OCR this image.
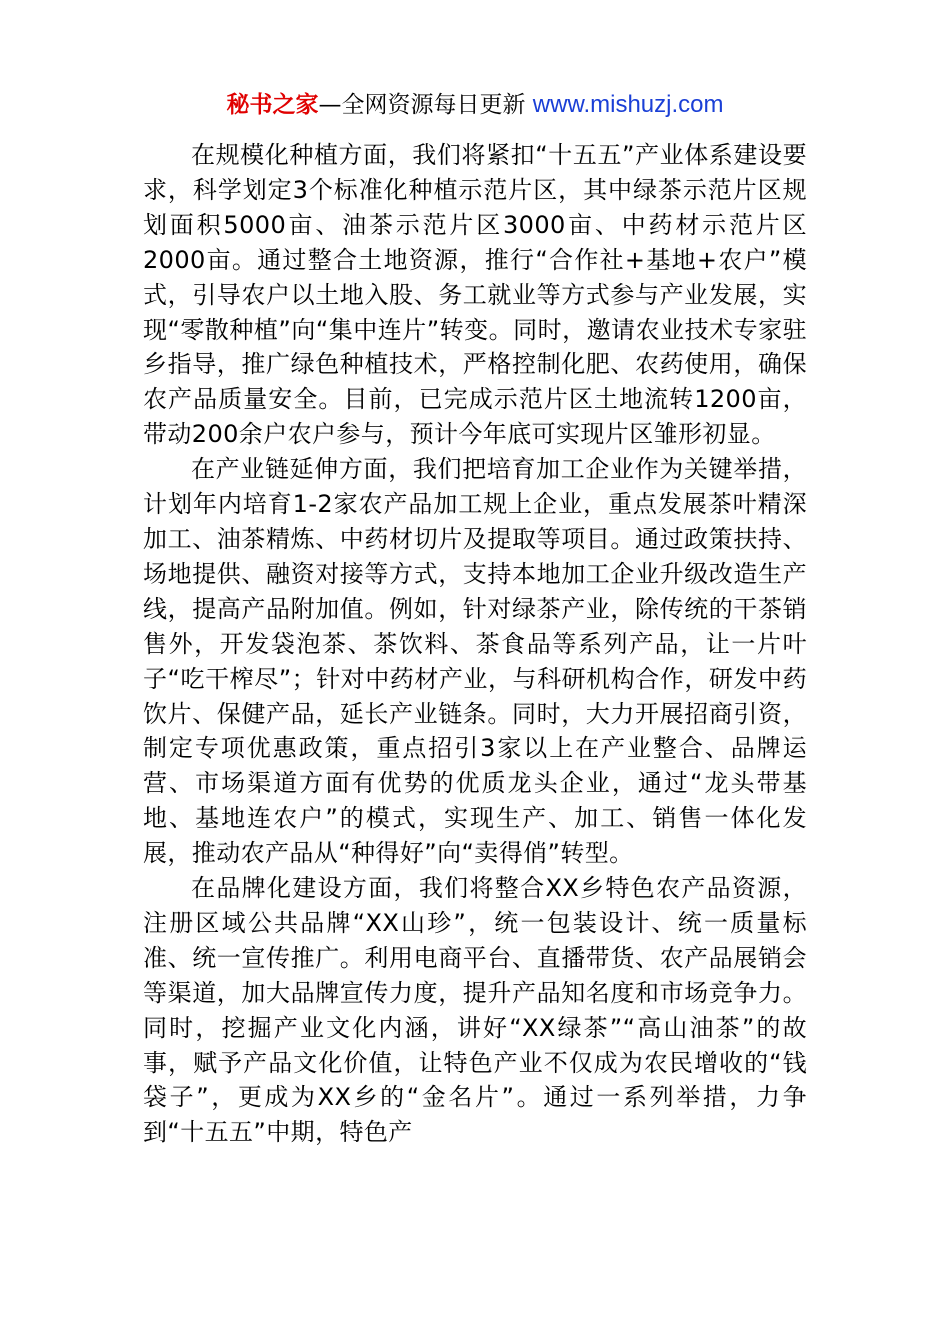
秘书之家—全网资源每日更新 www.mishuzj.com

在规模化种植方面，我们将紧扣“十五五”产业体系建设要求，科学划定3个标准化种植示范片区，其中绿茶示范片区规划面积5000亩、油茶示范片区3000亩、中药材示范片区2000亩。通过整合土地资源，推行“合作社+基地+农户”模式，引导农户以土地入股、务工就业等方式参与产业发展，实现“零散种植”向“集中连片”转变。同时，邀请农业技术专家驻乡指导，推广绿色种植技术，严格控制化肥、农药使用，确保农产品质量安全。目前，已完成示范片区土地流转1200亩，带动200余户农户参与，预计今年底可实现片区雏形初显。

在产业链延伸方面，我们把培育加工企业作为关键举措，计划年内培育1-2家农产品加工规上企业，重点发展茶叶精深加工、油茶精炼、中药材切片及提取等项目。通过政策扶持、场地提供、融资对接等方式，支持本地加工企业升级改造生产线，提高产品附加值。例如，针对绿茶产业，除传统的干茶销售外，开发袋泡茶、茶饮料、茶食品等系列产品，让一片叶子“吃干榨尽”；针对中药材产业，与科研机构合作，研发中药饮片、保健产品，延长产业链条。同时，大力开展招商引资，制定专项优惠政策，重点招引3家以上在产业整合、品牌运营、市场渠道方面有优势的优质龙头企业，通过“龙头带基地、基地连农户”的模式，实现生产、加工、销售一体化发展，推动农产品从“种得好”向“卖得俏”转型。

在品牌化建设方面，我们将整合XX乡特色农产品资源，注册区域公共品牌“XX山珍”，统一包装设计、统一质量标准、统一宣传推广。利用电商平台、直播带货、农产品展销会等渠道，加大品牌宣传力度，提升产品知名度和市场竞争力。同时，挖掘产业文化内涵，讲好“XX绿茶”“高山油茶”的故事，赋予产品文化价值，让特色产业不仅成为农民增收的“钱袋子”，更成为XX乡的“金名片”。通过一系列举措，力争到“十五五”中期，特色产
